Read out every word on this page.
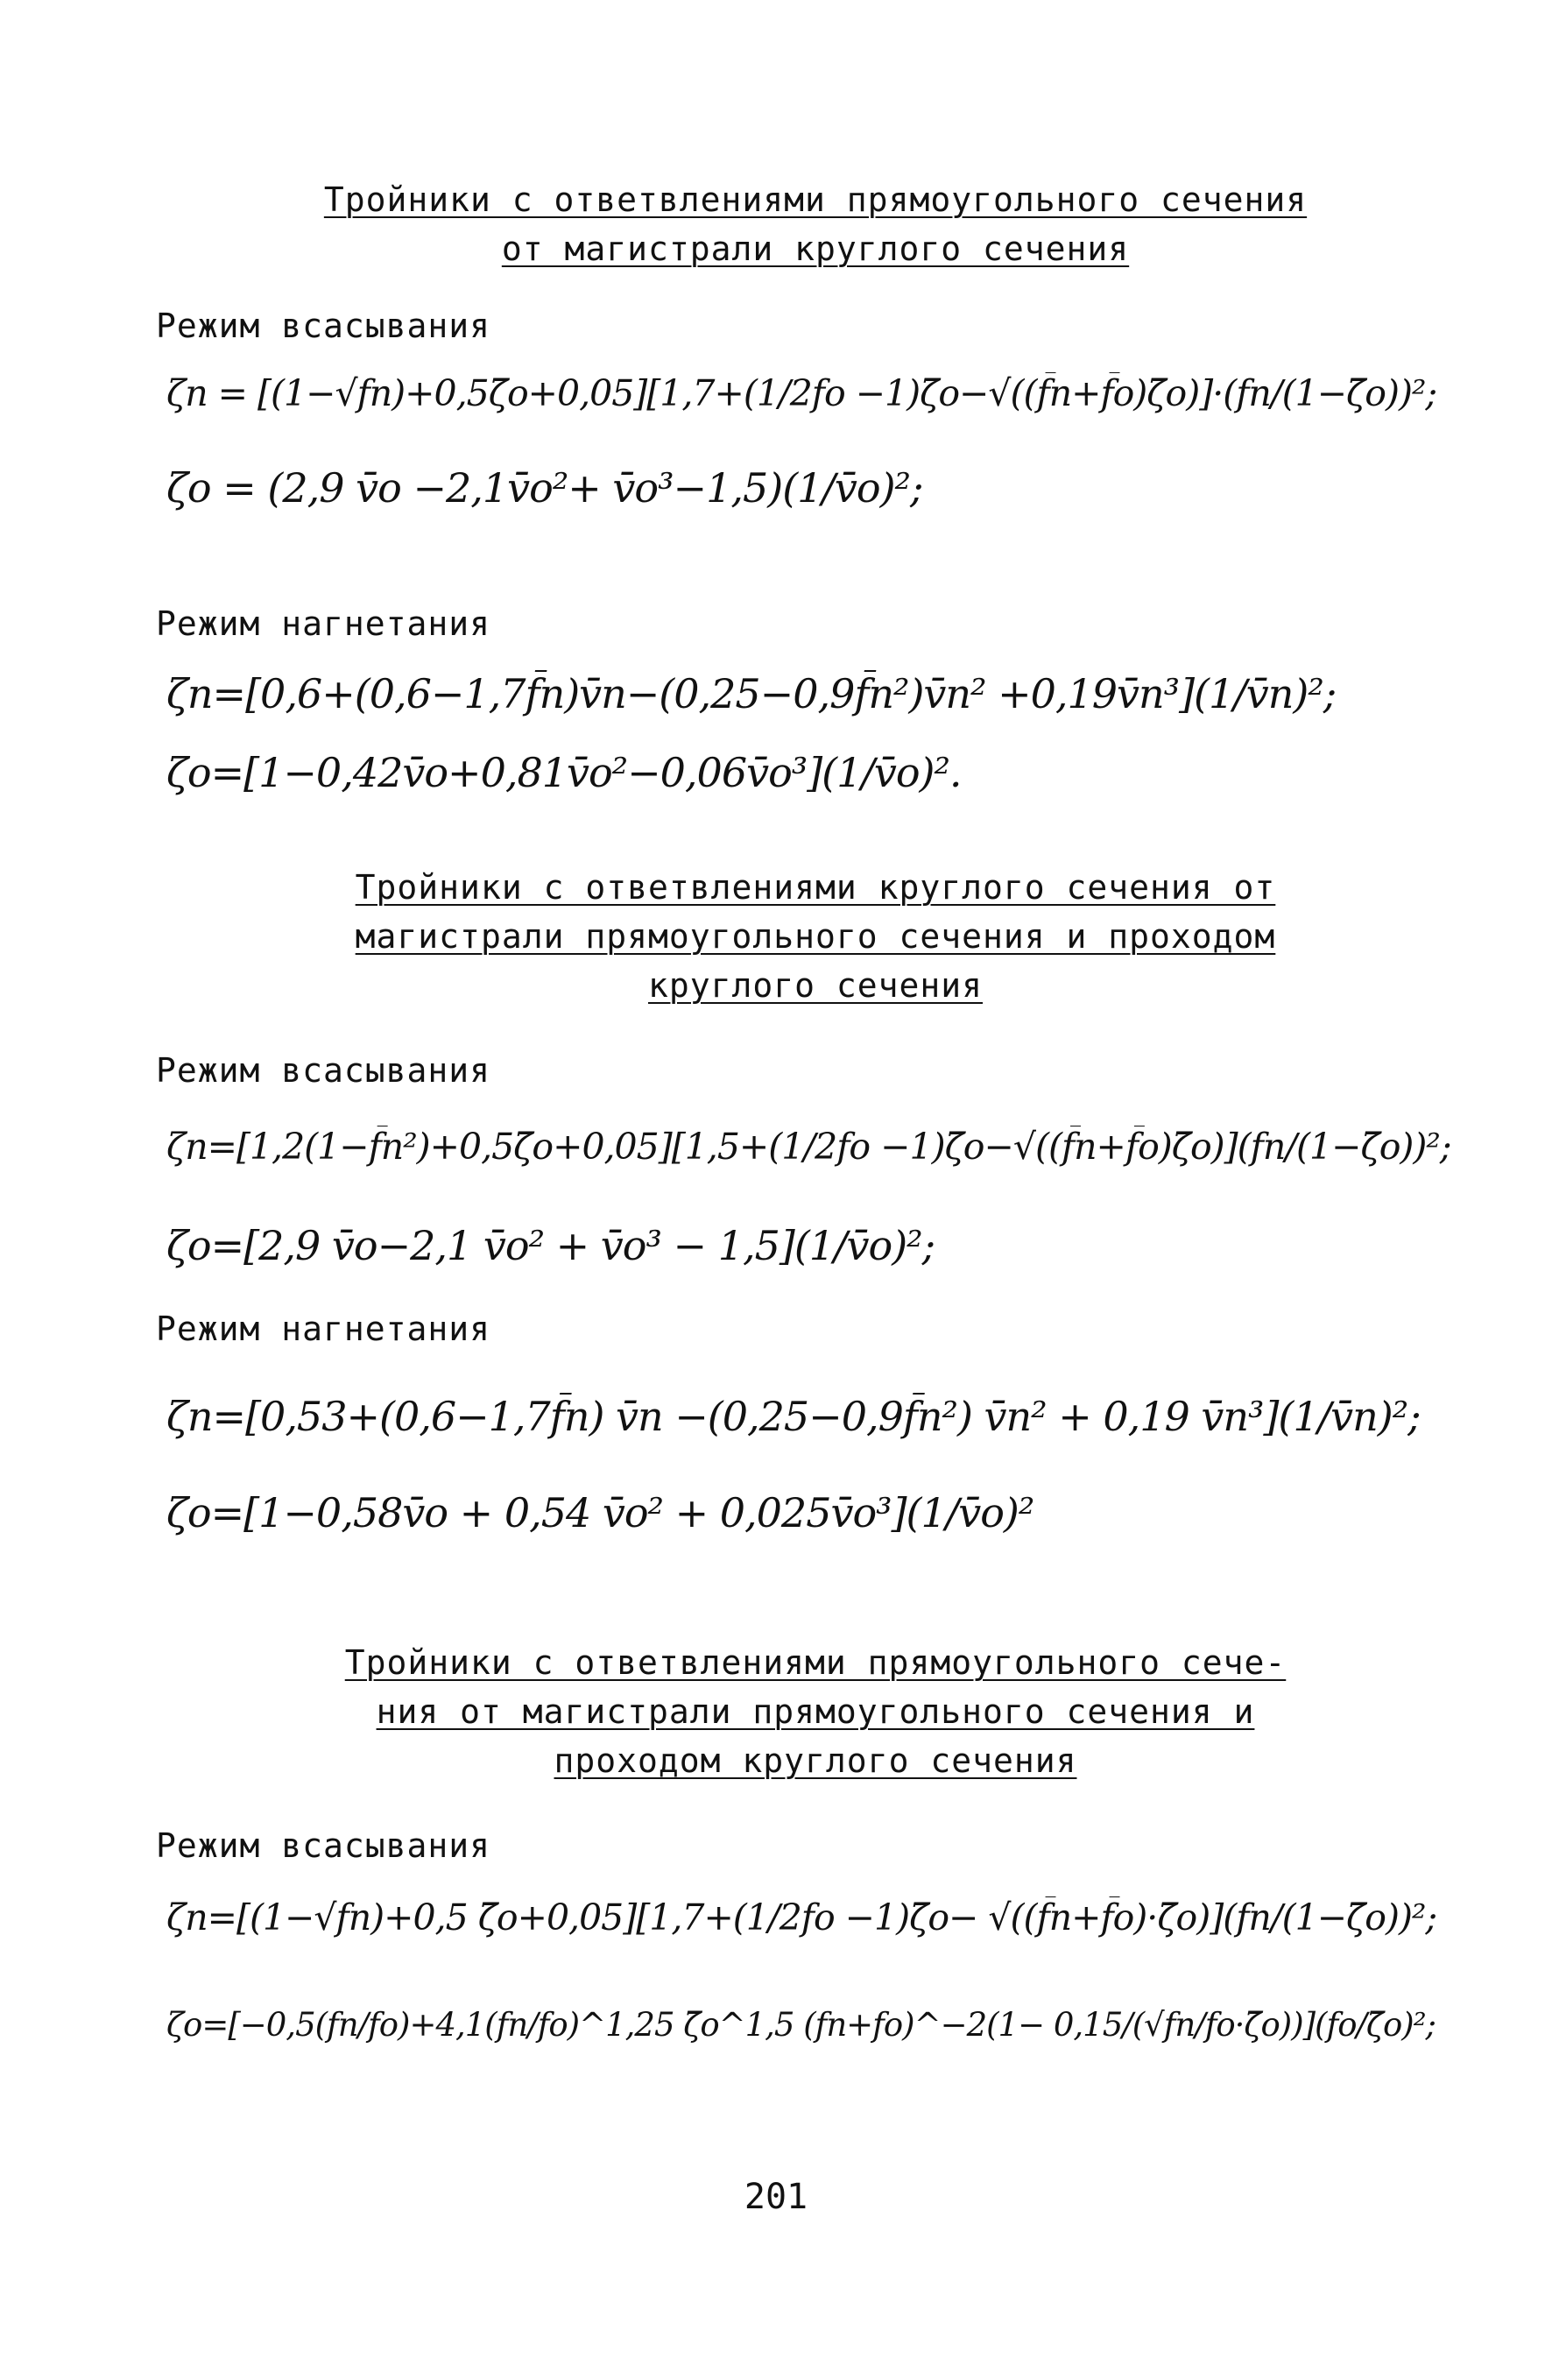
Тройники с ответвлениями прямоугольного сечения
от магистрали круглого сечения
Режим всасывания
ζп = [(1−√fп)+0,5ζ̄о+0,05][1,7+(1/2fо −1)ζ̄о−√((f̄п+f̄о)ζ̄о)]·(fп/(1−ζ̄о))²;
ζо = (2,9 v̄о −2,1v̄о²+ v̄о³−1,5)(1/v̄о)²;
Режим нагнетания
ζп=[0,6+(0,6−1,7f̄п)v̄п−(0,25−0,9f̄п²)v̄п² +0,19v̄п³](1/v̄п)²;
ζо=[1−0,42v̄о+0,81v̄о²−0,06v̄о³](1/v̄о)².
Тройники с ответвлениями круглого сечения от
магистрали прямоугольного сечения и проходом
круглого сечения
Режим всасывания
ζп=[1,2(1−f̄п²)+0,5ζ̄о+0,05][1,5+(1/2fо −1)ζ̄о−√((f̄п+f̄о)ζ̄о)](fп/(1−ζ̄о))²;
ζо=[2,9 v̄о−2,1 v̄о² + v̄о³ − 1,5](1/v̄о)²;
Режим нагнетания
ζп=[0,53+(0,6−1,7f̄п) v̄п −(0,25−0,9f̄п²) v̄п² + 0,19 v̄п³](1/v̄п)²;
ζо=[1−0,58v̄о + 0,54 v̄о² + 0,025v̄о³](1/v̄о)²
Тройники с ответвлениями прямоугольного сече-
ния от магистрали прямоугольного сечения и
проходом круглого сечения
Режим всасывания
ζп=[(1−√fп)+0,5 ζ̄о+0,05][1,7+(1/2fо −1)ζ̄о− √((f̄п+f̄о)·ζ̄о)](fп/(1−ζ̄о))²;
ζо=[−0,5(fп/fо)+4,1(fп/fо)^1,25 ζ̄о^1,5 (fп+fо)^−2(1− 0,15/(√fп/fо·ζ̄о))](fо/ζ̄о)²;
201
